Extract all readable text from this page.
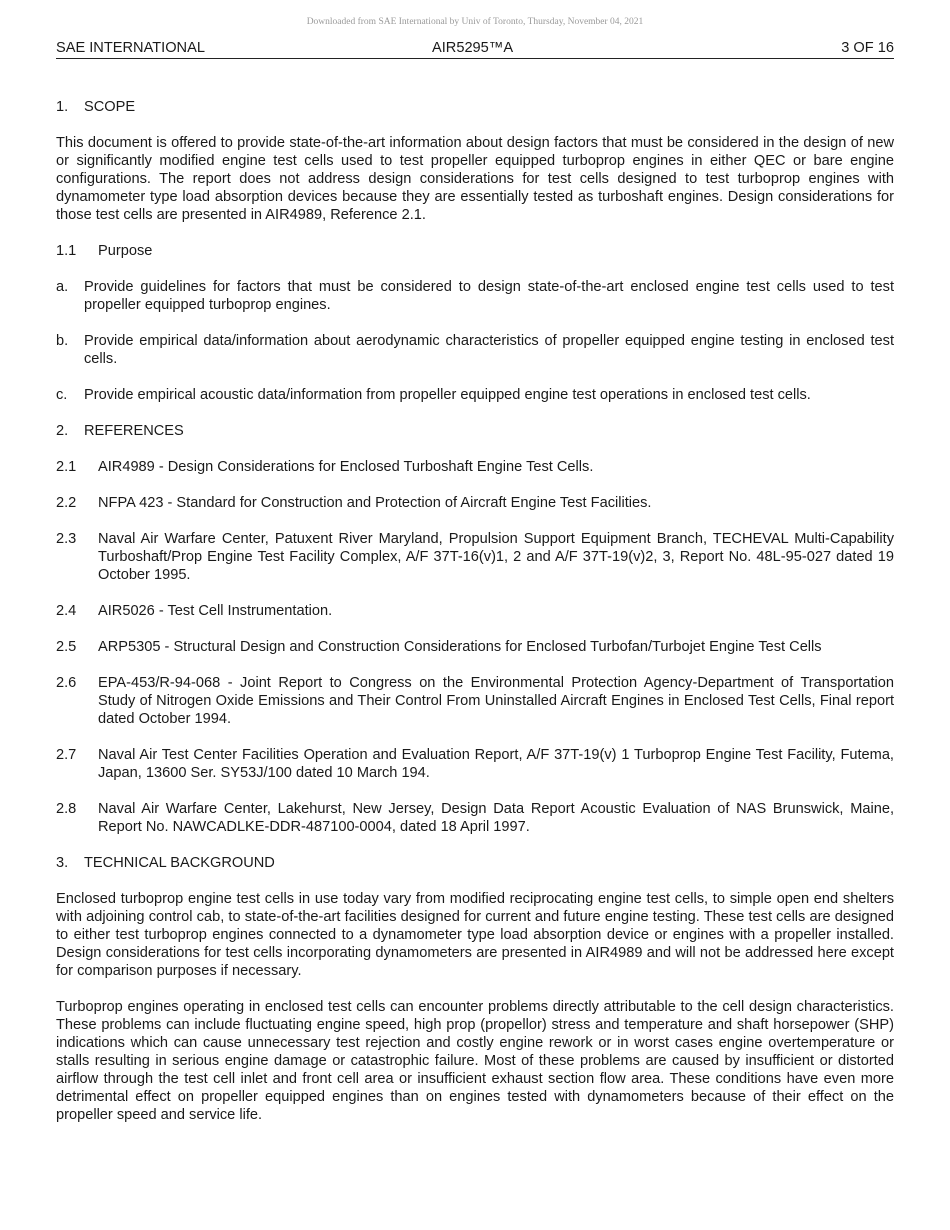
Downloaded from SAE International by Univ of Toronto, Thursday, November 04, 2021
SAE INTERNATIONAL	AIR5295™A	3 OF 16
1.	SCOPE

This document is offered to provide state-of-the-art information about design factors that must be considered in the design of new or significantly modified engine test cells used to test propeller equipped turboprop engines in either QEC or bare engine configurations. The report does not address design considerations for test cells designed to test turboprop engines with dynamometer type load absorption devices because they are essentially tested as turboshaft engines. Design considerations for those test cells are presented in AIR4989, Reference 2.1.

1.1	Purpose
a.	Provide guidelines for factors that must be considered to design state-of-the-art enclosed engine test cells used to test propeller equipped turboprop engines.
b.	Provide empirical data/information about aerodynamic characteristics of propeller equipped engine testing in enclosed test cells.
c.	Provide empirical acoustic data/information from propeller equipped engine test operations in enclosed test cells.
2.	REFERENCES
2.1	AIR4989 - Design Considerations for Enclosed Turboshaft Engine Test Cells.
2.2	NFPA 423 - Standard for Construction and Protection of Aircraft Engine Test Facilities.
2.3	Naval Air Warfare Center, Patuxent River Maryland, Propulsion Support Equipment Branch, TECHEVAL Multi-Capability Turboshaft/Prop Engine Test Facility Complex, A/F 37T-16(v)1, 2 and A/F 37T-19(v)2, 3, Report No. 48L-95-027 dated 19 October 1995.
2.4	AIR5026 - Test Cell Instrumentation.
2.5	ARP5305 - Structural Design and Construction Considerations for Enclosed Turbofan/Turbojet Engine Test Cells
2.6	EPA-453/R-94-068 - Joint Report to Congress on the Environmental Protection Agency-Department of Transportation Study of Nitrogen Oxide Emissions and Their Control From Uninstalled Aircraft Engines in Enclosed Test Cells, Final report dated October 1994.
2.7	Naval Air Test Center Facilities Operation and Evaluation Report, A/F 37T-19(v) 1 Turboprop Engine Test Facility, Futema, Japan, 13600 Ser. SY53J/100 dated 10 March 194.
2.8	Naval Air Warfare Center, Lakehurst, New Jersey, Design Data Report Acoustic Evaluation of NAS Brunswick, Maine, Report No. NAWCADLKE-DDR-487100-0004, dated 18 April 1997.
3.	TECHNICAL BACKGROUND

Enclosed turboprop engine test cells in use today vary from modified reciprocating engine test cells, to simple open end shelters with adjoining control cab, to state-of-the-art facilities designed for current and future engine testing. These test cells are designed to either test turboprop engines connected to a dynamometer type load absorption device or engines with a propeller installed. Design considerations for test cells incorporating dynamometers are presented in AIR4989 and will not be addressed here except for comparison purposes if necessary.

Turboprop engines operating in enclosed test cells can encounter problems directly attributable to the cell design characteristics. These problems can include fluctuating engine speed, high prop (propellor) stress and temperature and shaft horsepower (SHP) indications which can cause unnecessary test rejection and costly engine rework or in worst cases engine overtemperature or stalls resulting in serious engine damage or catastrophic failure. Most of these problems are caused by insufficient or distorted airflow through the test cell inlet and front cell area or insufficient exhaust section flow area. These conditions have even more detrimental effect on propeller equipped engines than on engines tested with dynamometers because of their effect on the propeller speed and service life.
